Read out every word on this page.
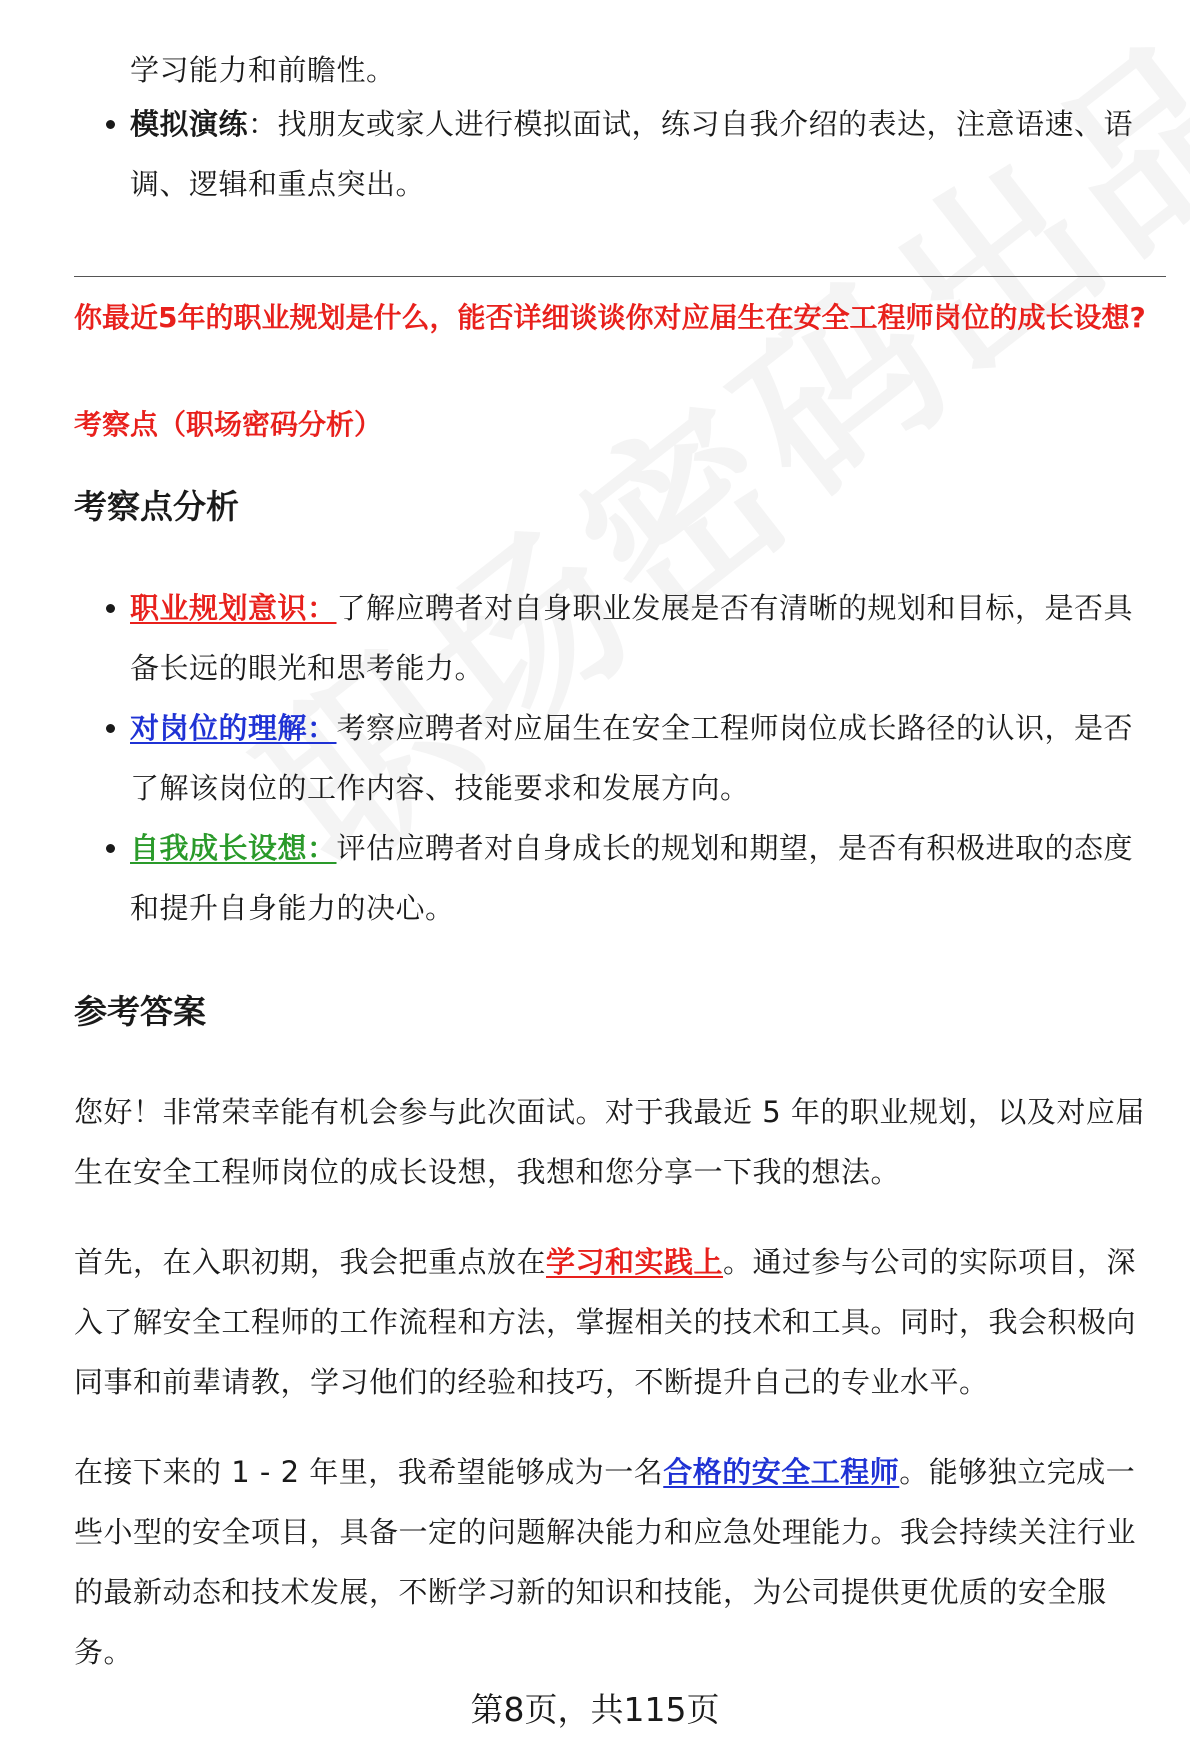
学习能力和前瞻性。
模拟演练：找朋友或家人进行模拟面试，练习自我介绍的表达，注意语速、语调、逻辑和重点突出。

你最近5年的职业规划是什么，能否详细谈谈你对应届生在安全工程师岗位的成长设想?

考察点（职场密码分析）

考察点分析
职业规划意识：了解应聘者对自身职业发展是否有清晰的规划和目标，是否具备长远的眼光和思考能力。
对岗位的理解：考察应聘者对应届生在安全工程师岗位成长路径的认识，是否了解该岗位的工作内容、技能要求和发展方向。
自我成长设想：评估应聘者对自身成长的规划和期望，是否有积极进取的态度和提升自身能力的决心。
参考答案

您好！非常荣幸能有机会参与此次面试。对于我最近 5 年的职业规划，以及对应届生在安全工程师岗位的成长设想，我想和您分享一下我的想法。

首先，在入职初期，我会把重点放在学习和实践上。通过参与公司的实际项目，深入了解安全工程师的工作流程和方法，掌握相关的技术和工具。同时，我会积极向同事和前辈请教，学习他们的经验和技巧，不断提升自己的专业水平。

在接下来的 1 - 2 年里，我希望能够成为一名合格的安全工程师。能够独立完成一些小型的安全项目，具备一定的问题解决能力和应急处理能力。我会持续关注行业的最新动态和技术发展，不断学习新的知识和技能，为公司提供更优质的安全服务。

第8页，共115页
